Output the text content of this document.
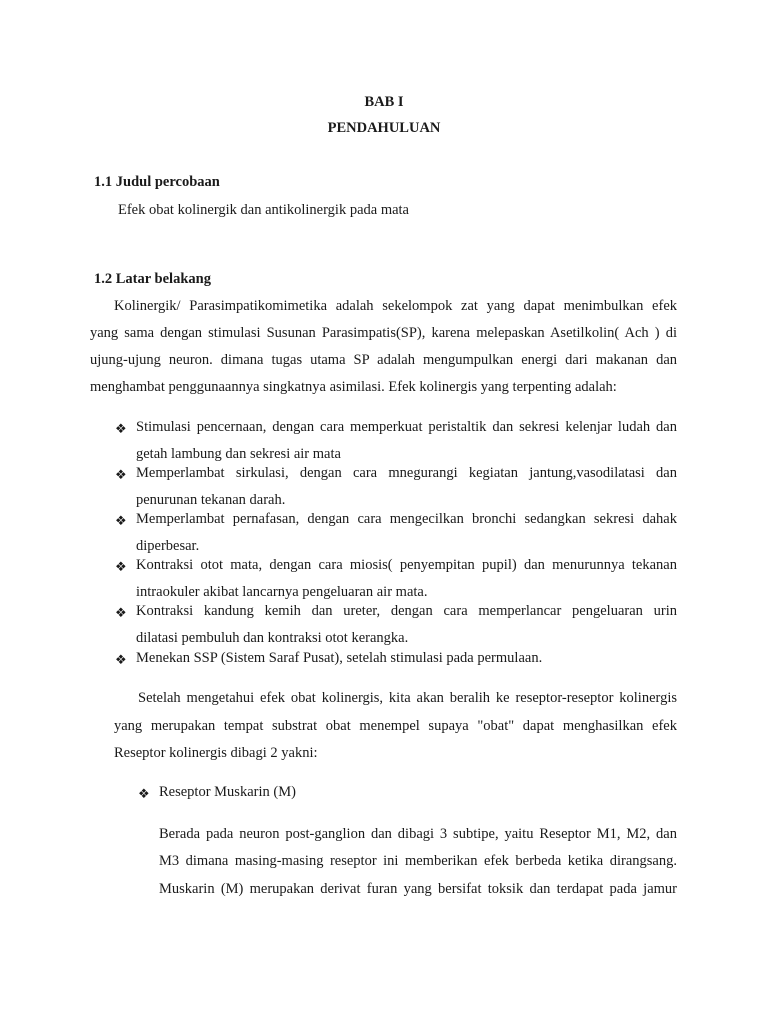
BAB I
PENDAHULUAN
1.1 Judul percobaan
Efek obat kolinergik dan antikolinergik pada mata
1.2 Latar belakang
Kolinergik/ Parasimpatikomimetika adalah sekelompok zat yang dapat menimbulkan efek
yang sama dengan stimulasi Susunan Parasimpatis(SP), karena melepaskan Asetilkolin( Ach ) di
ujung-ujung neuron. dimana tugas utama SP adalah mengumpulkan energi dari makanan dan
menghambat penggunaannya singkatnya asimilasi. Efek kolinergis yang terpenting adalah:
❖ Stimulasi pencernaan, dengan cara memperkuat peristaltik dan sekresi kelenjar ludah dan
getah lambung dan sekresi air mata
❖ Memperlambat sirkulasi, dengan cara mnegurangi kegiatan jantung,vasodilatasi dan
penurunan tekanan darah.
❖ Memperlambat pernafasan, dengan cara mengecilkan bronchi sedangkan sekresi dahak
diperbesar.
❖ Kontraksi otot mata, dengan cara miosis( penyempitan pupil) dan menurunnya tekanan
intraokuler akibat lancarnya pengeluaran air mata.
❖ Kontraksi kandung kemih dan ureter, dengan cara memperlancar pengeluaran urin
dilatasi pembuluh dan kontraksi otot kerangka.
❖ Menekan SSP (Sistem Saraf Pusat), setelah stimulasi pada permulaan.
Setelah mengetahui efek obat kolinergis, kita akan beralih ke reseptor-reseptor kolinergis
yang merupakan tempat substrat obat menempel supaya "obat" dapat menghasilkan efek
Reseptor kolinergis dibagi 2 yakni:
❖ Reseptor Muskarin (M)
Berada pada neuron post-ganglion dan dibagi 3 subtipe, yaitu Reseptor M1, M2, dan
M3 dimana masing-masing reseptor ini memberikan efek berbeda ketika dirangsang.
Muskarin (M) merupakan derivat furan yang bersifat toksik dan terdapat pada jamur
